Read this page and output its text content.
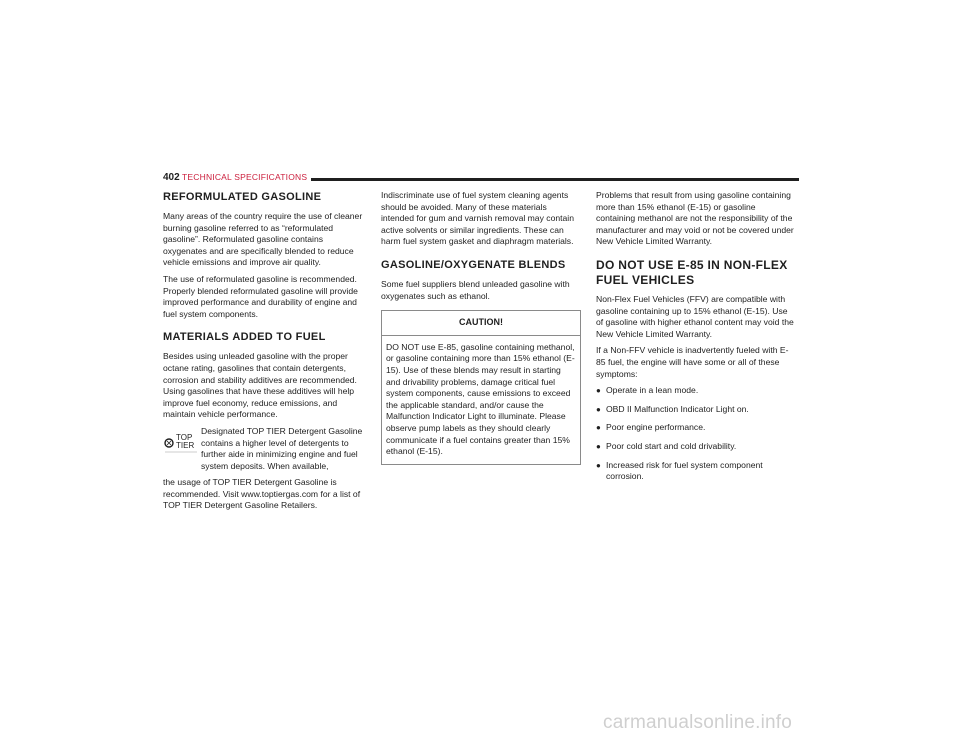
402 TECHNICAL SPECIFICATIONS
REFORMULATED GASOLINE

Many areas of the country require the use of cleaner burning gasoline referred to as “reformulated gasoline”. Reformulated gasoline contains oxygenates and are specifically blended to reduce vehicle emissions and improve air quality.

The use of reformulated gasoline is recommended. Properly blended reformulated gasoline will provide improved performance and durability of engine and fuel system components.

MATERIALS ADDED TO FUEL

Besides using unleaded gasoline with the proper octane rating, gasolines that contain detergents, corrosion and stability additives are recommended. Using gasolines that have these additives will help improve fuel economy, reduce emissions, and maintain vehicle performance.

TOP
TIER

Designated TOP TIER Detergent Gasoline contains a higher level of detergents to further aide in minimizing engine and fuel system deposits. When available,

the usage of TOP TIER Detergent Gasoline is recommended. Visit www.toptiergas.com for a list of TOP TIER Detergent Gasoline Retailers.

Indiscriminate use of fuel system cleaning agents should be avoided. Many of these materials intended for gum and varnish removal may contain active solvents or similar ingredients. These can harm fuel system gasket and diaphragm materials.

GASOLINE/OXYGENATE BLENDS

Some fuel suppliers blend unleaded gasoline with oxygenates such as ethanol.

CAUTION!
DO NOT use E-85, gasoline containing methanol, or gasoline containing more than 15% ethanol (E-15). Use of these blends may result in starting and drivability problems, damage critical fuel system components, cause emissions to exceed the applicable standard, and/or cause the Malfunction Indicator Light to illuminate. Please observe pump labels as they should clearly communicate if a fuel contains greater than 15% ethanol (E-15).

Problems that result from using gasoline containing more than 15% ethanol (E-15) or gasoline containing methanol are not the responsibility of the manufacturer and may void or not be covered under New Vehicle Limited Warranty.

DO NOT USE E-85 IN NON-FLEX FUEL VEHICLES

Non-Flex Fuel Vehicles (FFV) are compatible with gasoline containing up to 15% ethanol (E-15). Use of gasoline with higher ethanol content may void the New Vehicle Limited Warranty.

If a Non-FFV vehicle is inadvertently fueled with E-85 fuel, the engine will have some or all of these symptoms:

● Operate in a lean mode.
● OBD II Malfunction Indicator Light on.
● Poor engine performance.
● Poor cold start and cold drivability.
● Increased risk for fuel system component corrosion.
carmanualsonline.info
